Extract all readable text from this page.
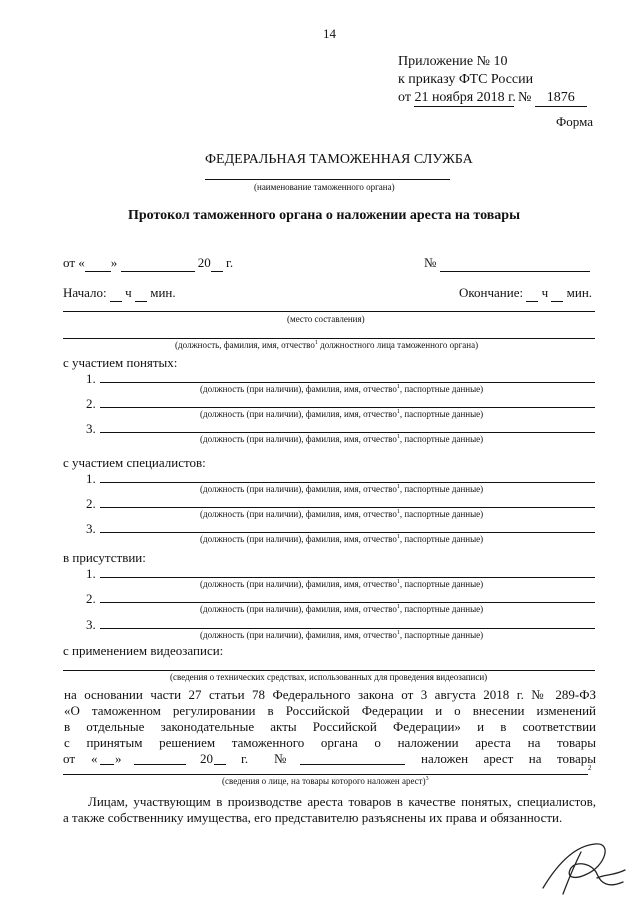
14
Приложение № 10
к приказу ФТС России
от 21 ноября 2018 г. № 1876
Форма
ФЕДЕРАЛЬНАЯ ТАМОЖЕННАЯ СЛУЖБА
(наименование таможенного органа)
Протокол таможенного органа о наложении ареста на товары
от « »	20 г.	№
Начало: ч мин.	Окончание: ч мин.
(место составления)
(должность, фамилия, имя, отчество$^1$ должностного лица таможенного органа)
с участием понятых:
1.
(должность (при наличии), фамилия, имя, отчество$^1$, паспортные данные)
2.
(должность (при наличии), фамилия, имя, отчество$^1$, паспортные данные)
3.
(должность (при наличии), фамилия, имя, отчество$^1$, паспортные данные)
с участием специалистов:
1.
(должность (при наличии), фамилия, имя, отчество$^1$, паспортные данные)
2.
(должность (при наличии), фамилия, имя, отчество$^1$, паспортные данные)
3.
(должность (при наличии), фамилия, имя, отчество$^1$, паспортные данные)
в присутствии:
1.
(должность (при наличии), фамилия, имя, отчество$^1$, паспортные данные)
2.
(должность (при наличии), фамилия, имя, отчество$^1$, паспортные данные)
3.
(должность (при наличии), фамилия, имя, отчество$^1$, паспортные данные)
с применением видеозаписи:
(сведения о технических средствах, использованных для проведения видеозаписи)
на основании части 27 статьи 78 Федерального закона от 3 августа 2018 г. № 289-ФЗ
«О таможенном регулировании в Российской Федерации и о внесении изменений
в отдельные законодательные акты Российской Федерации» и в соответствии
с принятым решением таможенного органа о наложении ареста на товары
от « »	20 г. №	наложен арест на товары
2
(сведения о лице, на товары которого наложен арест)$^3$
Лицам, участвующим в производстве ареста товаров в качестве понятых, специалистов,
а также собственнику имущества, его представителю разъяснены их права и обязанности.
